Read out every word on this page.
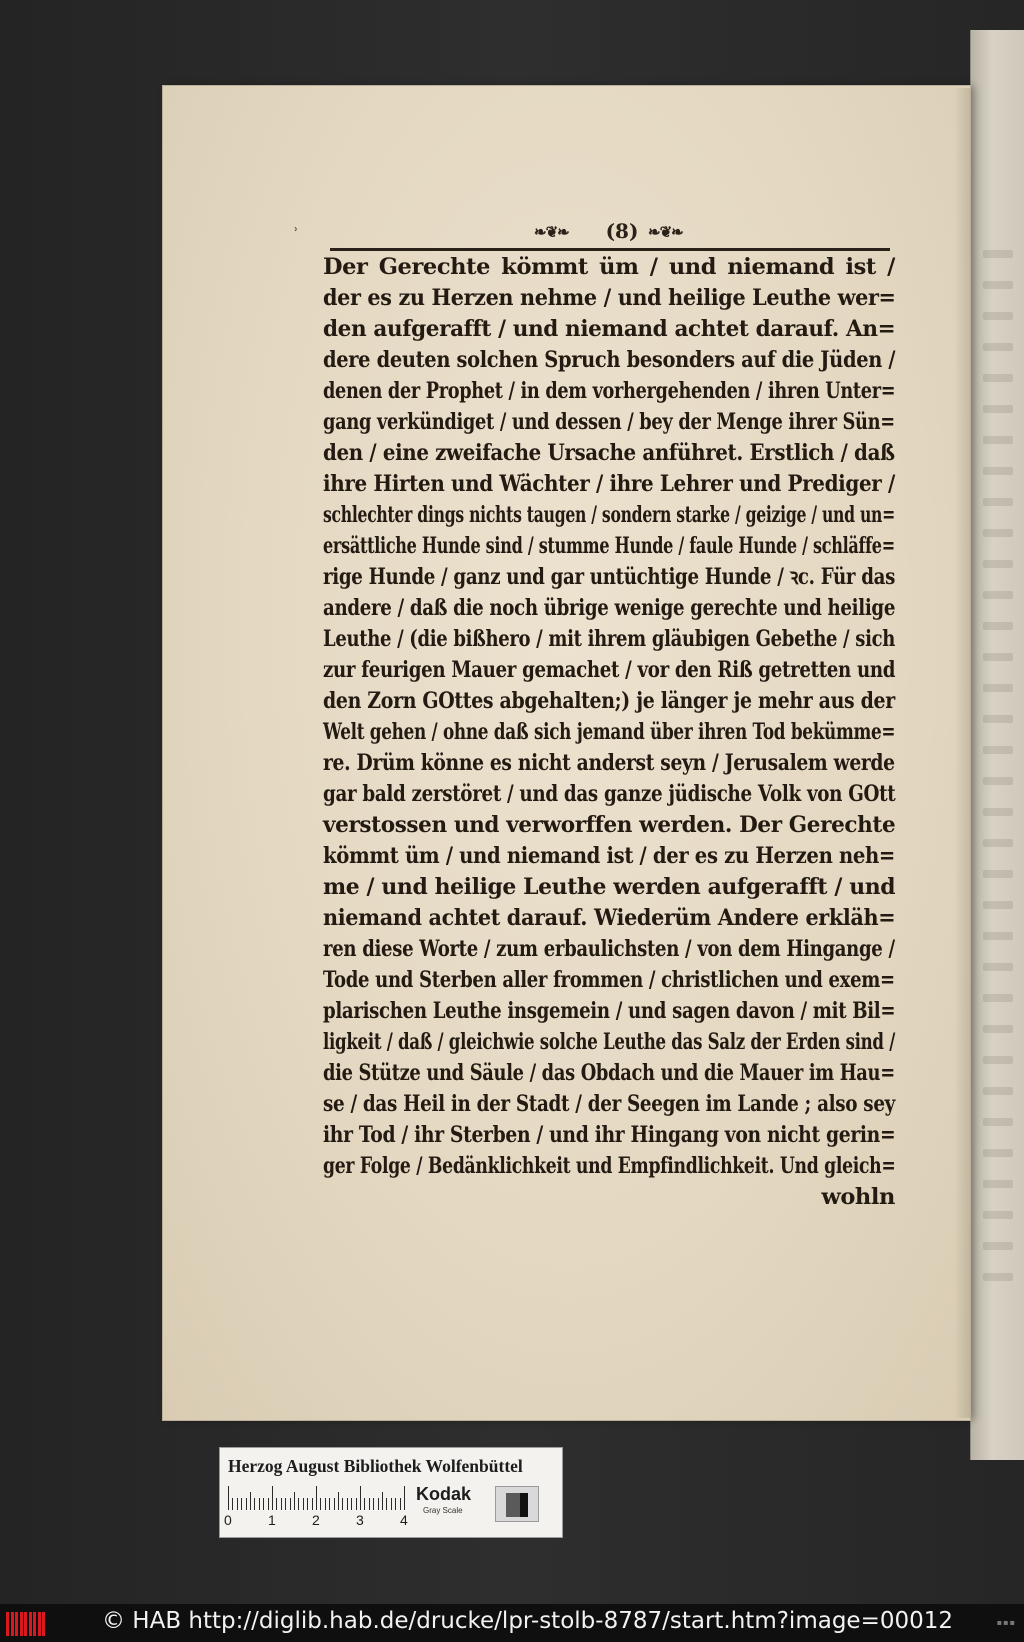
ʾ	❧❦❧	(8) ❧❦❧
Der Gerechte kömmt üm / und niemand ist /
der es zu Herzen nehme / und heilige Leuthe wer=
den aufgerafft / und niemand achtet darauf. An=
dere deuten solchen Spruch besonders auf die Jüden /
denen der Prophet / in dem vorhergehenden / ihren Unter=
gang verkündiget / und dessen / bey der Menge ihrer Sün=
den / eine zweifache Ursache anführet. Erstlich / daß
ihre Hirten und Wächter / ihre Lehrer und Prediger /
schlechter dings nichts taugen / sondern starke / geizige / und un=
ersättliche Hunde sind / stumme Hunde / faule Hunde / schläffe=
rige Hunde / ganz und gar untüchtige Hunde / ꝛc. Für das
andere / daß die noch übrige wenige gerechte und heilige
Leuthe / (die bißhero / mit ihrem gläubigen Gebethe / sich
zur feurigen Mauer gemachet / vor den Riß getretten und
den Zorn GOttes abgehalten;) je länger je mehr aus der
Welt gehen / ohne daß sich jemand über ihren Tod bekümme=
re. Drüm könne es nicht anderst seyn / Jerusalem werde
gar bald zerstöret / und das ganze jüdische Volk von GOtt
verstossen und verworffen werden. Der Gerechte
kömmt üm / und niemand ist / der es zu Herzen neh=
me / und heilige Leuthe werden aufgerafft / und
niemand achtet darauf. Wiederüm Andere erkläh=
ren diese Worte / zum erbaulichsten / von dem Hingange /
Tode und Sterben aller frommen / christlichen und exem=
plarischen Leuthe insgemein / und sagen davon / mit Bil=
ligkeit / daß / gleichwie solche Leuthe das Salz der Erden sind /
die Stütze und Säule / das Obdach und die Mauer im Hau=
se / das Heil in der Stadt / der Seegen im Lande ; also sey
ihr Tod / ihr Sterben / und ihr Hingang von nicht gerin=
ger Folge / Bedänklichkeit und Empfindlichkeit. Und gleich=
wohln
Herzog August Bibliothek Wolfenbüttel
0	1	2	3	4
Kodak
Gray Scale
© HAB http://diglib.hab.de/drucke/lpr-stolb-8787/start.htm?image=00012	▪▪▪
